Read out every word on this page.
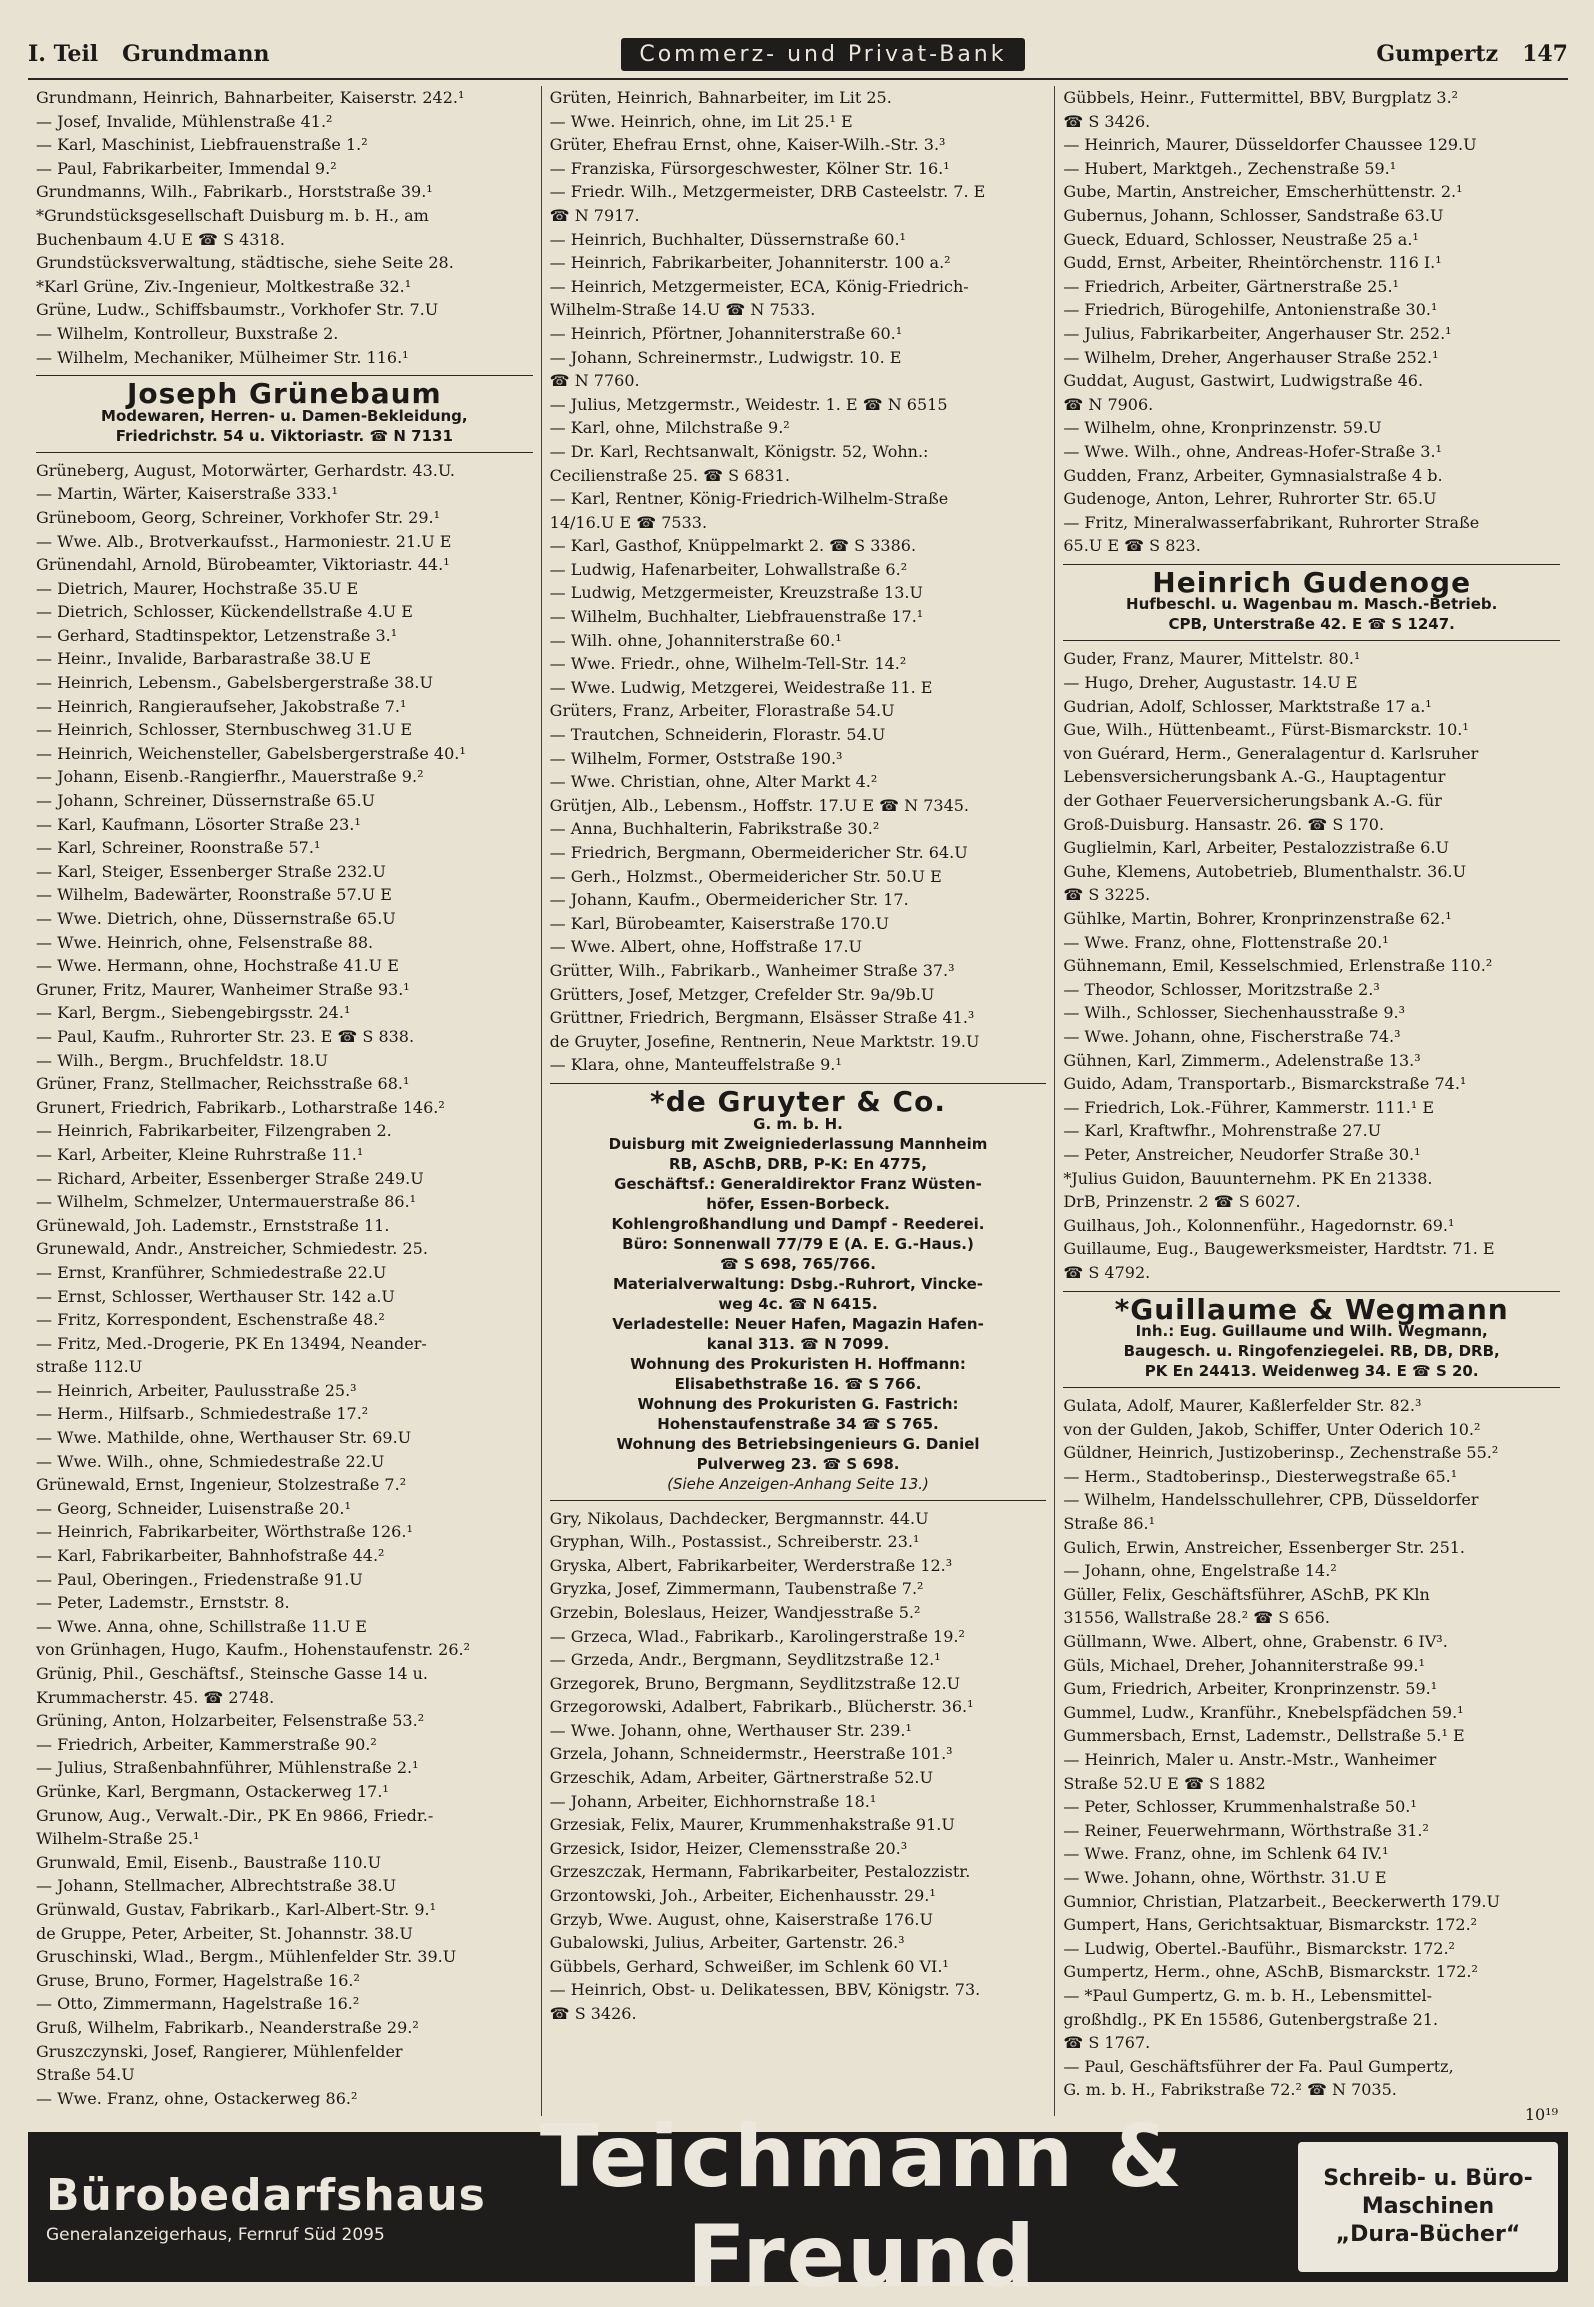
I. Teil Grundmann	Commerz- und Privat-Bank	Gumpertz 147
Grundmann, Heinrich, Bahnarbeiter, Kaiserstr. 242.¹
— Josef, Invalide, Mühlenstraße 41.²
— Karl, Maschinist, Liebfrauenstraße 1.²
— Paul, Fabrikarbeiter, Immendal 9.²
Grundmanns, Wilh., Fabrikarb., Horststraße 39.¹
*Grundstücksgesellschaft Duisburg m. b. H., am
Buchenbaum 4.U E ☎ S 4318.
Grundstücksverwaltung, städtische, siehe Seite 28.
*Karl Grüne, Ziv.-Ingenieur, Moltkestraße 32.¹
Grüne, Ludw., Schiffsbaumstr., Vorkhofer Str. 7.U
— Wilhelm, Kontrolleur, Buxstraße 2.
— Wilhelm, Mechaniker, Mülheimer Str. 116.¹
Joseph Grünebaum
Modewaren, Herren- u. Damen-Bekleidung,
Friedrichstr. 54 u. Viktoriastr. ☎ N 7131
Grüneberg, August, Motorwärter, Gerhardstr. 43.U.
— Martin, Wärter, Kaiserstraße 333.¹
Grüneboom, Georg, Schreiner, Vorkhofer Str. 29.¹
— Wwe. Alb., Brotverkaufsst., Harmoniestr. 21.U E
Grünendahl, Arnold, Bürobeamter, Viktoriastr. 44.¹
— Dietrich, Maurer, Hochstraße 35.U E
— Dietrich, Schlosser, Kückendellstraße 4.U E
— Gerhard, Stadtinspektor, Letzenstraße 3.¹
— Heinr., Invalide, Barbarastraße 38.U E
— Heinrich, Lebensm., Gabelsbergerstraße 38.U
— Heinrich, Rangieraufseher, Jakobstraße 7.¹
— Heinrich, Schlosser, Sternbuschweg 31.U E
— Heinrich, Weichensteller, Gabelsbergerstraße 40.¹
— Johann, Eisenb.-Rangierfhr., Mauerstraße 9.²
— Johann, Schreiner, Düssernstraße 65.U
— Karl, Kaufmann, Lösorter Straße 23.¹
— Karl, Schreiner, Roonstraße 57.¹
— Karl, Steiger, Essenberger Straße 232.U
— Wilhelm, Badewärter, Roonstraße 57.U E
— Wwe. Dietrich, ohne, Düssernstraße 65.U
— Wwe. Heinrich, ohne, Felsenstraße 88.
— Wwe. Hermann, ohne, Hochstraße 41.U E
Gruner, Fritz, Maurer, Wanheimer Straße 93.¹
— Karl, Bergm., Siebengebirgsstr. 24.¹
— Paul, Kaufm., Ruhrorter Str. 23. E ☎ S 838.
— Wilh., Bergm., Bruchfeldstr. 18.U
Grüner, Franz, Stellmacher, Reichsstraße 68.¹
Grunert, Friedrich, Fabrikarb., Lotharstraße 146.²
— Heinrich, Fabrikarbeiter, Filzengraben 2.
— Karl, Arbeiter, Kleine Ruhrstraße 11.¹
— Richard, Arbeiter, Essenberger Straße 249.U
— Wilhelm, Schmelzer, Untermauerstraße 86.¹
Grünewald, Joh. Lademstr., Ernststraße 11.
Grunewald, Andr., Anstreicher, Schmiedestr. 25.
— Ernst, Kranführer, Schmiedestraße 22.U
— Ernst, Schlosser, Werthauser Str. 142 a.U
— Fritz, Korrespondent, Eschenstraße 48.²
— Fritz, Med.-Drogerie, PK En 13494, Neander-
straße 112.U
— Heinrich, Arbeiter, Paulusstraße 25.³
— Herm., Hilfsarb., Schmiedestraße 17.²
— Wwe. Mathilde, ohne, Werthauser Str. 69.U
— Wwe. Wilh., ohne, Schmiedestraße 22.U
Grünewald, Ernst, Ingenieur, Stolzestraße 7.²
— Georg, Schneider, Luisenstraße 20.¹
— Heinrich, Fabrikarbeiter, Wörthstraße 126.¹
— Karl, Fabrikarbeiter, Bahnhofstraße 44.²
— Paul, Oberingen., Friedenstraße 91.U
— Peter, Lademstr., Ernststr. 8.
— Wwe. Anna, ohne, Schillstraße 11.U E
von Grünhagen, Hugo, Kaufm., Hohenstaufenstr. 26.²
Grünig, Phil., Geschäftsf., Steinsche Gasse 14 u.
Krummacherstr. 45. ☎ 2748.
Grüning, Anton, Holzarbeiter, Felsenstraße 53.²
— Friedrich, Arbeiter, Kammerstraße 90.²
— Julius, Straßenbahnführer, Mühlenstraße 2.¹
Grünke, Karl, Bergmann, Ostackerweg 17.¹
Grunow, Aug., Verwalt.-Dir., PK En 9866, Friedr.-
Wilhelm-Straße 25.¹
Grunwald, Emil, Eisenb., Baustraße 110.U
— Johann, Stellmacher, Albrechtstraße 38.U
Grünwald, Gustav, Fabrikarb., Karl-Albert-Str. 9.¹
de Gruppe, Peter, Arbeiter, St. Johannstr. 38.U
Gruschinski, Wlad., Bergm., Mühlenfelder Str. 39.U
Gruse, Bruno, Former, Hagelstraße 16.²
— Otto, Zimmermann, Hagelstraße 16.²
Gruß, Wilhelm, Fabrikarb., Neanderstraße 29.²
Gruszczynski, Josef, Rangierer, Mühlenfelder
Straße 54.U
— Wwe. Franz, ohne, Ostackerweg 86.²
Grüten, Heinrich, Bahnarbeiter, im Lit 25.
— Wwe. Heinrich, ohne, im Lit 25.¹ E
Grüter, Ehefrau Ernst, ohne, Kaiser-Wilh.-Str. 3.³
— Franziska, Fürsorgeschwester, Kölner Str. 16.¹
— Friedr. Wilh., Metzgermeister, DRB Casteelstr. 7. E
☎ N 7917.
— Heinrich, Buchhalter, Düssernstraße 60.¹
— Heinrich, Fabrikarbeiter, Johanniterstr. 100 a.²
— Heinrich, Metzgermeister, ECA, König-Friedrich-
Wilhelm-Straße 14.U ☎ N 7533.
— Heinrich, Pförtner, Johanniterstraße 60.¹
— Johann, Schreinermstr., Ludwigstr. 10. E
☎ N 7760.
— Julius, Metzgermstr., Weidestr. 1. E ☎ N 6515
— Karl, ohne, Milchstraße 9.²
— Dr. Karl, Rechtsanwalt, Königstr. 52, Wohn.:
Cecilienstraße 25. ☎ S 6831.
— Karl, Rentner, König-Friedrich-Wilhelm-Straße
14/16.U E ☎ 7533.
— Karl, Gasthof, Knüppelmarkt 2. ☎ S 3386.
— Ludwig, Hafenarbeiter, Lohwallstraße 6.²
— Ludwig, Metzgermeister, Kreuzstraße 13.U
— Wilhelm, Buchhalter, Liebfrauenstraße 17.¹
— Wilh. ohne, Johanniterstraße 60.¹
— Wwe. Friedr., ohne, Wilhelm-Tell-Str. 14.²
— Wwe. Ludwig, Metzgerei, Weidestraße 11. E
Grüters, Franz, Arbeiter, Florastraße 54.U
— Trautchen, Schneiderin, Florastr. 54.U
— Wilhelm, Former, Oststraße 190.³
— Wwe. Christian, ohne, Alter Markt 4.²
Grütjen, Alb., Lebensm., Hoffstr. 17.U E ☎ N 7345.
— Anna, Buchhalterin, Fabrikstraße 30.²
— Friedrich, Bergmann, Obermeidericher Str. 64.U
— Gerh., Holzmst., Obermeidericher Str. 50.U E
— Johann, Kaufm., Obermeidericher Str. 17.
— Karl, Bürobeamter, Kaiserstraße 170.U
— Wwe. Albert, ohne, Hoffstraße 17.U
Grütter, Wilh., Fabrikarb., Wanheimer Straße 37.³
Grütters, Josef, Metzger, Crefelder Str. 9a/9b.U
Grüttner, Friedrich, Bergmann, Elsässer Straße 41.³
de Gruyter, Josefine, Rentnerin, Neue Marktstr. 19.U
— Klara, ohne, Manteuffelstraße 9.¹
*de Gruyter & Co.
G. m. b. H.
Duisburg mit Zweigniederlassung Mannheim
RB, ASchB, DRB, P-K: En 4775,
Geschäftsf.: Generaldirektor Franz Wüsten-
höfer, Essen-Borbeck.
Kohlengroßhandlung und Dampf - Reederei.
Büro: Sonnenwall 77/79 E (A. E. G.-Haus.)
☎ S 698, 765/766.
Materialverwaltung: Dsbg.-Ruhrort, Vincke-
weg 4c. ☎ N 6415.
Verladestelle: Neuer Hafen, Magazin Hafen-
kanal 313. ☎ N 7099.
Wohnung des Prokuristen H. Hoffmann:
Elisabethstraße 16. ☎ S 766.
Wohnung des Prokuristen G. Fastrich:
Hohenstaufenstraße 34 ☎ S 765.
Wohnung des Betriebsingenieurs G. Daniel
Pulverweg 23. ☎ S 698.
(Siehe Anzeigen-Anhang Seite 13.)
Gry, Nikolaus, Dachdecker, Bergmannstr. 44.U
Gryphan, Wilh., Postassist., Schreiberstr. 23.¹
Gryska, Albert, Fabrikarbeiter, Werderstraße 12.³
Gryzka, Josef, Zimmermann, Taubenstraße 7.²
Grzebin, Boleslaus, Heizer, Wandjesstraße 5.²
— Grzeca, Wlad., Fabrikarb., Karolingerstraße 19.²
— Grzeda, Andr., Bergmann, Seydlitzstraße 12.¹
Grzegorek, Bruno, Bergmann, Seydlitzstraße 12.U
Grzegorowski, Adalbert, Fabrikarb., Blücherstr. 36.¹
— Wwe. Johann, ohne, Werthauser Str. 239.¹
Grzela, Johann, Schneidermstr., Heerstraße 101.³
Grzeschik, Adam, Arbeiter, Gärtnerstraße 52.U
— Johann, Arbeiter, Eichhornstraße 18.¹
Grzesiak, Felix, Maurer, Krummenhakstraße 91.U
Grzesick, Isidor, Heizer, Clemensstraße 20.³
Grzeszczak, Hermann, Fabrikarbeiter, Pestalozzistr.
Grzontowski, Joh., Arbeiter, Eichenhausstr. 29.¹
Grzyb, Wwe. August, ohne, Kaiserstraße 176.U
Gubalowski, Julius, Arbeiter, Gartenstr. 26.³
Gübbels, Gerhard, Schweißer, im Schlenk 60 VI.¹
— Heinrich, Obst- u. Delikatessen, BBV, Königstr. 73.
☎ S 3426.
Gübbels, Heinr., Futtermittel, BBV, Burgplatz 3.²
☎ S 3426.
— Heinrich, Maurer, Düsseldorfer Chaussee 129.U
— Hubert, Marktgeh., Zechenstraße 59.¹
Gube, Martin, Anstreicher, Emscherhüttenstr. 2.¹
Gubernus, Johann, Schlosser, Sandstraße 63.U
Gueck, Eduard, Schlosser, Neustraße 25 a.¹
Gudd, Ernst, Arbeiter, Rheintörchenstr. 116 I.¹
— Friedrich, Arbeiter, Gärtnerstraße 25.¹
— Friedrich, Bürogehilfe, Antonienstraße 30.¹
— Julius, Fabrikarbeiter, Angerhauser Str. 252.¹
— Wilhelm, Dreher, Angerhauser Straße 252.¹
Guddat, August, Gastwirt, Ludwigstraße 46.
☎ N 7906.
— Wilhelm, ohne, Kronprinzenstr. 59.U
— Wwe. Wilh., ohne, Andreas-Hofer-Straße 3.¹
Gudden, Franz, Arbeiter, Gymnasialstraße 4 b.
Gudenoge, Anton, Lehrer, Ruhrorter Str. 65.U
— Fritz, Mineralwasserfabrikant, Ruhrorter Straße
65.U E ☎ S 823.
Heinrich Gudenoge
Hufbeschl. u. Wagenbau m. Masch.-Betrieb.
CPB, Unterstraße 42. E ☎ S 1247.
Guder, Franz, Maurer, Mittelstr. 80.¹
— Hugo, Dreher, Augustastr. 14.U E
Gudrian, Adolf, Schlosser, Marktstraße 17 a.¹
Gue, Wilh., Hüttenbeamt., Fürst-Bismarckstr. 10.¹
von Guérard, Herm., Generalagentur d. Karlsruher
Lebensversicherungsbank A.-G., Hauptagentur
der Gothaer Feuerversicherungsbank A.-G. für
Groß-Duisburg. Hansastr. 26. ☎ S 170.
Guglielmin, Karl, Arbeiter, Pestalozzistraße 6.U
Guhe, Klemens, Autobetrieb, Blumenthalstr. 36.U
☎ S 3225.
Gühlke, Martin, Bohrer, Kronprinzenstraße 62.¹
— Wwe. Franz, ohne, Flottenstraße 20.¹
Gühnemann, Emil, Kesselschmied, Erlenstraße 110.²
— Theodor, Schlosser, Moritzstraße 2.³
— Wilh., Schlosser, Siechenhausstraße 9.³
— Wwe. Johann, ohne, Fischerstraße 74.³
Gühnen, Karl, Zimmerm., Adelenstraße 13.³
Guido, Adam, Transportarb., Bismarckstraße 74.¹
— Friedrich, Lok.-Führer, Kammerstr. 111.¹ E
— Karl, Kraftwfhr., Mohrenstraße 27.U
— Peter, Anstreicher, Neudorfer Straße 30.¹
*Julius Guidon, Bauunternehm. PK En 21338.
DrB, Prinzenstr. 2 ☎ S 6027.
Guilhaus, Joh., Kolonnenführ., Hagedornstr. 69.¹
Guillaume, Eug., Baugewerksmeister, Hardtstr. 71. E
☎ S 4792.
*Guillaume & Wegmann
Inh.: Eug. Guillaume und Wilh. Wegmann,
Baugesch. u. Ringofenziegelei. RB, DB, DRB,
PK En 24413. Weidenweg 34. E ☎ S 20.
Gulata, Adolf, Maurer, Kaßlerfelder Str. 82.³
von der Gulden, Jakob, Schiffer, Unter Oderich 10.²
Güldner, Heinrich, Justizoberinsp., Zechenstraße 55.²
— Herm., Stadtoberinsp., Diesterwegstraße 65.¹
— Wilhelm, Handelsschullehrer, CPB, Düsseldorfer
Straße 86.¹
Gulich, Erwin, Anstreicher, Essenberger Str. 251.
— Johann, ohne, Engelstraße 14.²
Güller, Felix, Geschäftsführer, ASchB, PK Kln
31556, Wallstraße 28.² ☎ S 656.
Güllmann, Wwe. Albert, ohne, Grabenstr. 6 IV³.
Güls, Michael, Dreher, Johanniterstraße 99.¹
Gum, Friedrich, Arbeiter, Kronprinzenstr. 59.¹
Gummel, Ludw., Kranführ., Knebelspfädchen 59.¹
Gummersbach, Ernst, Lademstr., Dellstraße 5.¹ E
— Heinrich, Maler u. Anstr.-Mstr., Wanheimer
Straße 52.U E ☎ S 1882
— Peter, Schlosser, Krummenhalstraße 50.¹
— Reiner, Feuerwehrmann, Wörthstraße 31.²
— Wwe. Franz, ohne, im Schlenk 64 IV.¹
— Wwe. Johann, ohne, Wörthstr. 31.U E
Gumnior, Christian, Platzarbeit., Beeckerwerth 179.U
Gumpert, Hans, Gerichtsaktuar, Bismarckstr. 172.²
— Ludwig, Obertel.-Bauführ., Bismarckstr. 172.²
Gumpertz, Herm., ohne, ASchB, Bismarckstr. 172.²
— *Paul Gumpertz, G. m. b. H., Lebensmittel-
großhdlg., PK En 15586, Gutenbergstraße 21.
☎ S 1767.
— Paul, Geschäftsführer der Fa. Paul Gumpertz,
G. m. b. H., Fabrikstraße 72.² ☎ N 7035.
10¹⁹
Bürobedarfshaus
Generalanzeigerhaus, Fernruf Süd 2095
Teichmann & Freund
Schreib- u. Büro-
Maschinen
„Dura-Bücher“
